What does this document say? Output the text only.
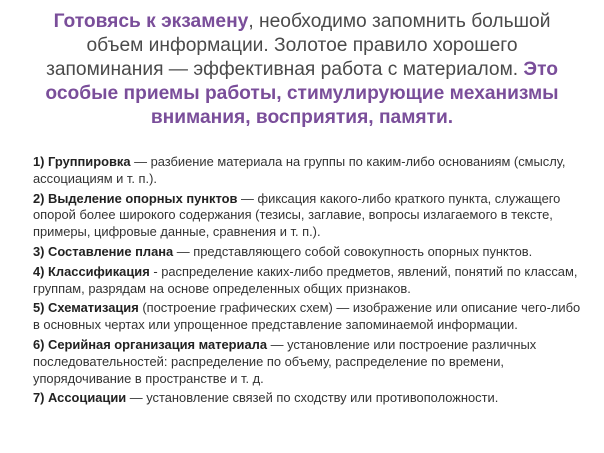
Готовясь к экзамену, необходимо запомнить большой объем информации. Золотое правило хорошего запоминания — эффективная работа с материалом. Это особые приемы работы, стимулирующие механизмы внимания, восприятия, памяти.

1) Группировка — разбиение материала на группы по каким-либо основаниям (смыслу, ассоциациям и т. п.).
2) Выделение опорных пунктов — фиксация какого-либо краткого пункта, служащего опорой более широкого содержания (тезисы, заглавие, вопросы излагаемого в тексте, примеры, цифровые данные, сравнения и т. п.).
3) Составление плана — представляющего собой совокупность опорных пунктов.
4) Классификация - распределение каких-либо предметов, явлений, понятий по классам, группам, разрядам на основе определенных общих признаков.
5) Схематизация (построение графических схем) — изображение или описание чего-либо в основных чертах или упрощенное представление запоминаемой информации.
6) Серийная организация материала — установление или построение различных последовательностей: распределение по объему, распределение по времени, упорядочивание в пространстве и т. д.
7) Ассоциации — установление связей по сходству или противоположности.
